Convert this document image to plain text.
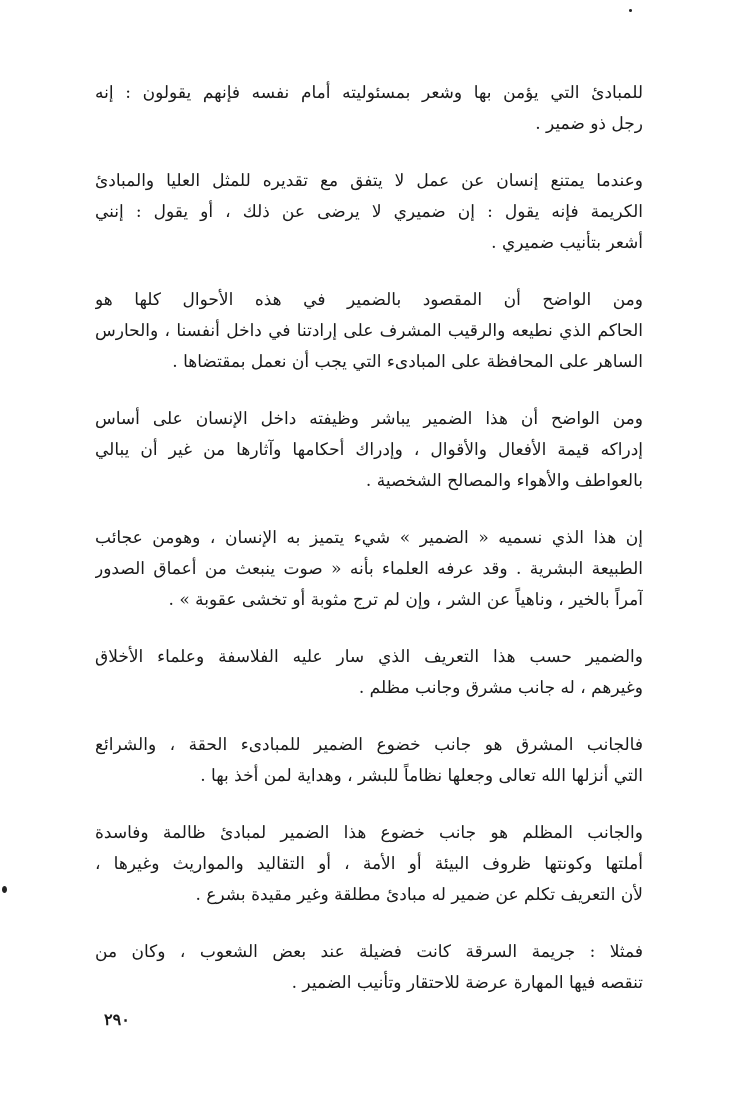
للمبادئ التي يؤمن بها وشعر بمسئوليته أمام نفسه فإنهم يقولون : إنه
رجل ذو ضمير .
وعندما يمتنع إنسان عن عمل لا يتفق مع تقديره للمثل العليا والمبادئ
الكريمة فإنه يقول : إن ضميري لا يرضى عن ذلك ، أو يقول : إنني
أشعر بتأنيب ضميري .
ومن الواضح أن المقصود بالضمير في هذه الأحوال كلها هو
الحاكم الذي نطيعه والرقيب المشرف على إرادتنا في داخل أنفسنا ، والحارس
الساهر على المحافظة على المبادىء التي يجب أن نعمل بمقتضاها .
ومن الواضح أن هذا الضمير يباشر وظيفته داخل الإنسان على أساس
إدراكه قيمة الأفعال والأقوال ، وإدراك أحكامها وآثارها من غير أن يبالي
بالعواطف والأهواء والمصالح الشخصية .
إن هذا الذي نسميه « الضمير » شيء يتميز به الإنسان ، وهومن عجائب
الطبيعة البشرية . وقد عرفه العلماء بأنه « صوت ينبعث من أعماق الصدور
آمراً بالخير ، وناهياً عن الشر ، وإن لم ترج مثوبة أو تخشى عقوبة » .
والضمير حسب هذا التعريف الذي سار عليه الفلاسفة وعلماء الأخلاق
وغيرهم ، له جانب مشرق وجانب مظلم .
فالجانب المشرق هو جانب خضوع الضمير للمبادىء الحقة ، والشرائع
التي أنزلها الله تعالى وجعلها نظاماً للبشر ، وهداية لمن أخذ بها .
والجانب المظلم هو جانب خضوع هذا الضمير لمبادئ ظالمة وفاسدة
أملتها وكونتها ظروف البيئة أو الأمة ، أو التقاليد والمواريث وغيرها ،
لأن التعريف تكلم عن ضمير له مبادئ مطلقة وغير مقيدة بشرع .
فمثلا : جريمة السرقة كانت فضيلة عند بعض الشعوب ، وكان من
تنقصه فيها المهارة عرضة للاحتقار وتأنيب الضمير .
٢٩٠
